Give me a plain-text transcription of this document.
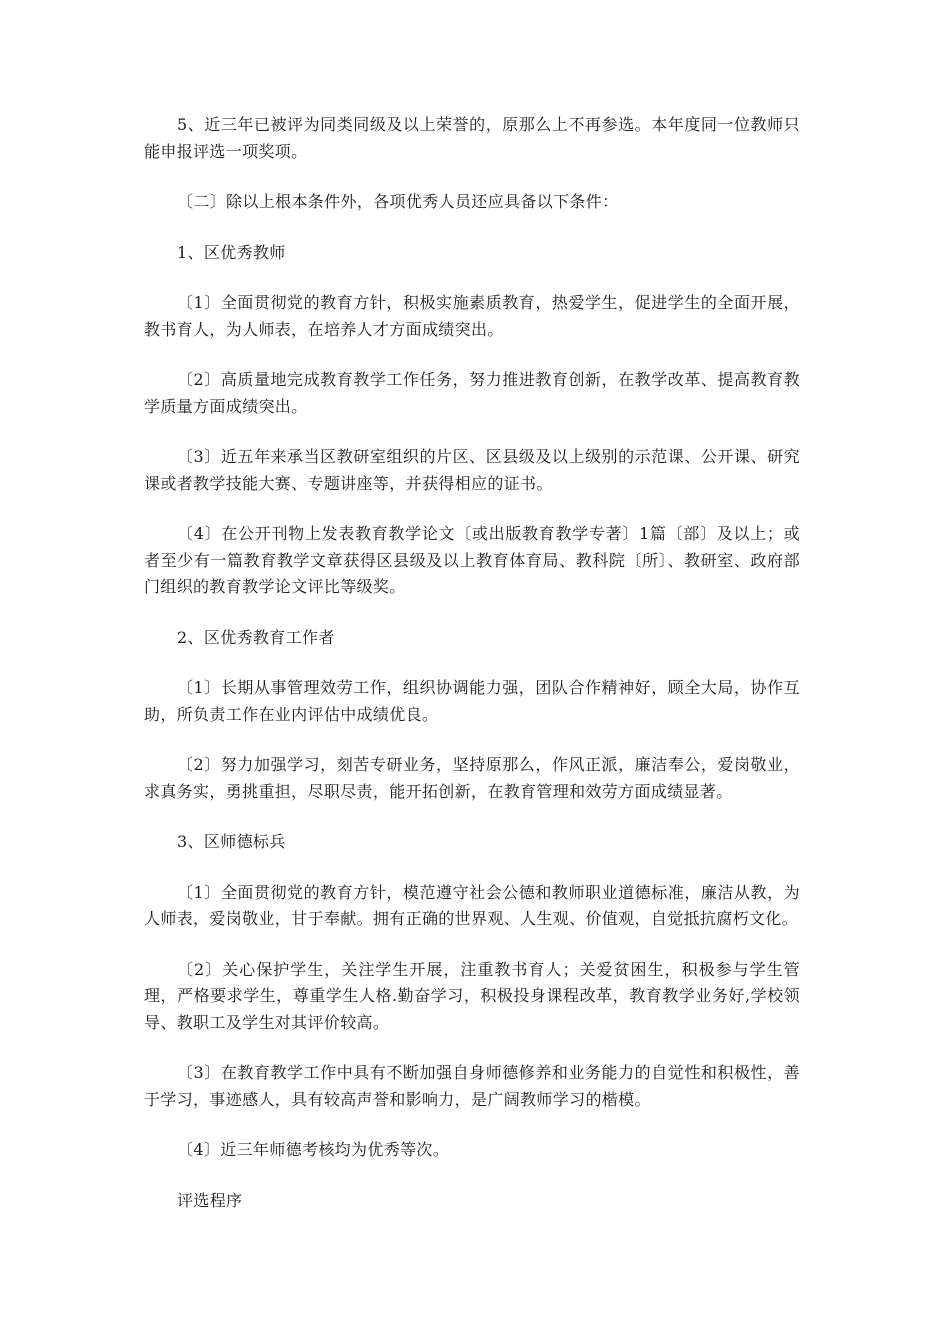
5、近三年已被评为同类同级及以上荣誉的，原那么上不再参选。本年度同一位教师只能申报评选一项奖项。

〔二〕除以上根本条件外，各项优秀人员还应具备以下条件：

1、区优秀教师

〔1〕全面贯彻党的教育方针，积极实施素质教育，热爱学生，促进学生的全面开展，教书育人，为人师表，在培养人才方面成绩突出。

〔2〕高质量地完成教育教学工作任务，努力推进教育创新，在教学改革、提高教育教学质量方面成绩突出。

〔3〕近五年来承当区教研室组织的片区、区县级及以上级别的示范课、公开课、研究课或者教学技能大赛、专题讲座等，并获得相应的证书。

〔4〕在公开刊物上发表教育教学论文〔或出版教育教学专著〕1篇〔部〕及以上；或者至少有一篇教育教学文章获得区县级及以上教育体育局、教科院〔所〕、教研室、政府部门组织的教育教学论文评比等级奖。

2、区优秀教育工作者

〔1〕长期从事管理效劳工作，组织协调能力强，团队合作精神好，顾全大局，协作互助，所负责工作在业内评估中成绩优良。

〔2〕努力加强学习，刻苦专研业务，坚持原那么，作风正派，廉洁奉公，爱岗敬业，求真务实，勇挑重担，尽职尽责，能开拓创新，在教育管理和效劳方面成绩显著。

3、区师德标兵

〔1〕全面贯彻党的教育方针，模范遵守社会公德和教师职业道德标准，廉洁从教，为人师表，爱岗敬业，甘于奉献。拥有正确的世界观、人生观、价值观，自觉抵抗腐朽文化。

〔2〕关心保护学生，关注学生开展，注重教书育人；关爱贫困生，积极参与学生管理，严格要求学生，尊重学生人格.勤奋学习，积极投身课程改革，教育教学业务好,学校领导、教职工及学生对其评价较高。

〔3〕在教育教学工作中具有不断加强自身师德修养和业务能力的自觉性和积极性，善于学习，事迹感人，具有较高声誉和影响力，是广阔教师学习的楷模。

〔4〕近三年师德考核均为优秀等次。

评选程序
